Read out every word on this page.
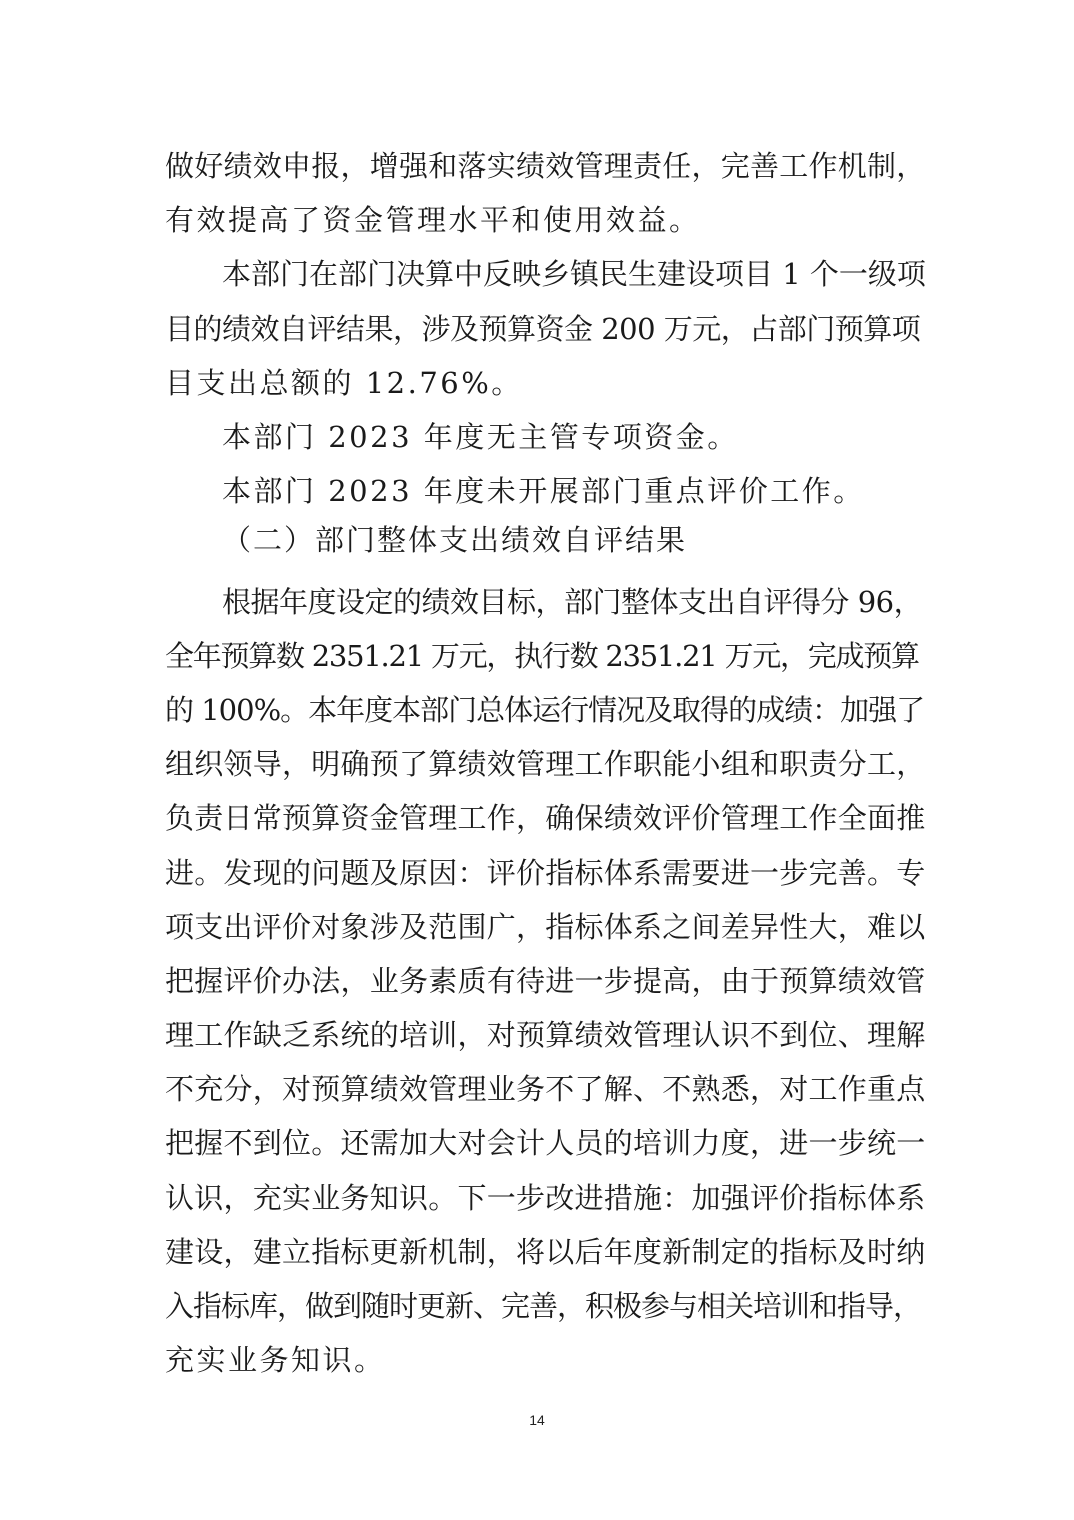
做好绩效申报，增强和落实绩效管理责任，完善工作机制，
有效提高了资金管理水平和使用效益。
本部门在部门决算中反映乡镇民生建设项目 1 个一级项
目的绩效自评结果，涉及预算资金 200 万元，占部门预算项
目支出总额的 12.76%。
本部门 2023 年度无主管专项资金。
本部门 2023 年度未开展部门重点评价工作。
（二）部门整体支出绩效自评结果
根据年度设定的绩效目标，部门整体支出自评得分 96，
全年预算数 2351.21 万元，执行数 2351.21 万元，完成预算
的 100%。本年度本部门总体运行情况及取得的成绩：加强了
组织领导，明确预了算绩效管理工作职能小组和职责分工，
负责日常预算资金管理工作，确保绩效评价管理工作全面推
进。发现的问题及原因：评价指标体系需要进一步完善。专
项支出评价对象涉及范围广，指标体系之间差异性大，难以
把握评价办法，业务素质有待进一步提高，由于预算绩效管
理工作缺乏系统的培训，对预算绩效管理认识不到位、理解
不充分，对预算绩效管理业务不了解、不熟悉，对工作重点
把握不到位。还需加大对会计人员的培训力度，进一步统一
认识，充实业务知识。下一步改进措施：加强评价指标体系
建设，建立指标更新机制，将以后年度新制定的指标及时纳
入指标库，做到随时更新、完善，积极参与相关培训和指导，
充实业务知识。
14
